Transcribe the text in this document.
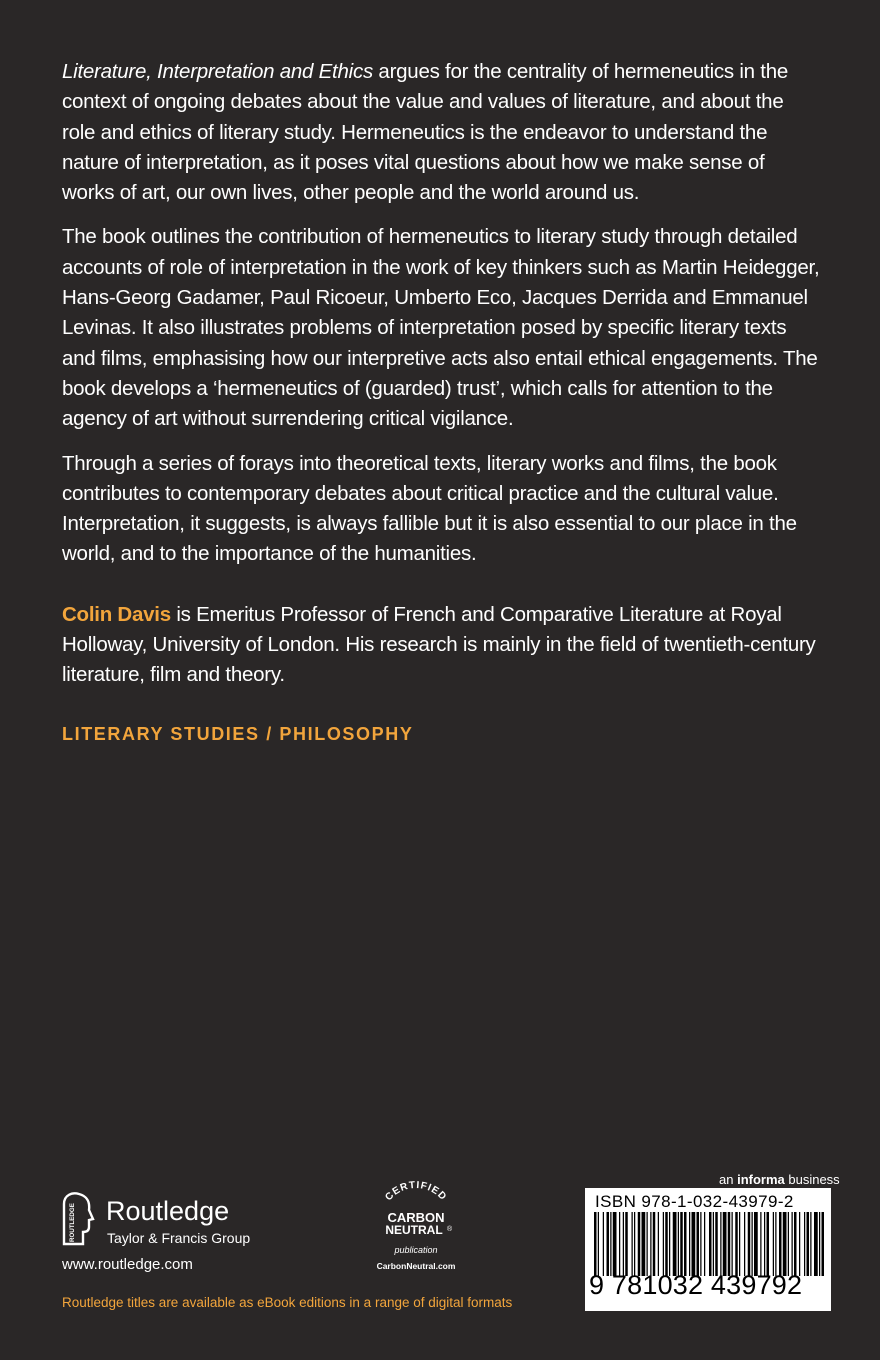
Literature, Interpretation and Ethics argues for the centrality of hermeneutics in the context of ongoing debates about the value and values of literature, and about the role and ethics of literary study. Hermeneutics is the endeavor to understand the nature of interpretation, as it poses vital questions about how we make sense of works of art, our own lives, other people and the world around us.

The book outlines the contribution of hermeneutics to literary study through detailed accounts of role of interpretation in the work of key thinkers such as Martin Heidegger, Hans-Georg Gadamer, Paul Ricoeur, Umberto Eco, Jacques Derrida and Emmanuel Levinas. It also illustrates problems of interpretation posed by specific literary texts and films, emphasising how our interpretive acts also entail ethical engagements. The book develops a ‘hermeneutics of (guarded) trust’, which calls for attention to the agency of art without surrendering critical vigilance.

Through a series of forays into theoretical texts, literary works and films, the book contributes to contemporary debates about critical practice and the cultural value. Interpretation, it suggests, is always fallible but it is also essential to our place in the world, and to the importance of the humanities.

Colin Davis is Emeritus Professor of French and Comparative Literature at Royal Holloway, University of London. His research is mainly in the field of twentieth-century literature, film and theory.

LITERARY STUDIES / PHILOSOPHY
ROUTLEDGE Routledge
Taylor & Francis Group
www.routledge.com
CERTIFIED
CARBON
NEUTRAL ®
publication
CarbonNeutral.com
an informa business
ISBN 978-1-032-43979-2
9 781032 439792
Routledge titles are available as eBook editions in a range of digital formats
